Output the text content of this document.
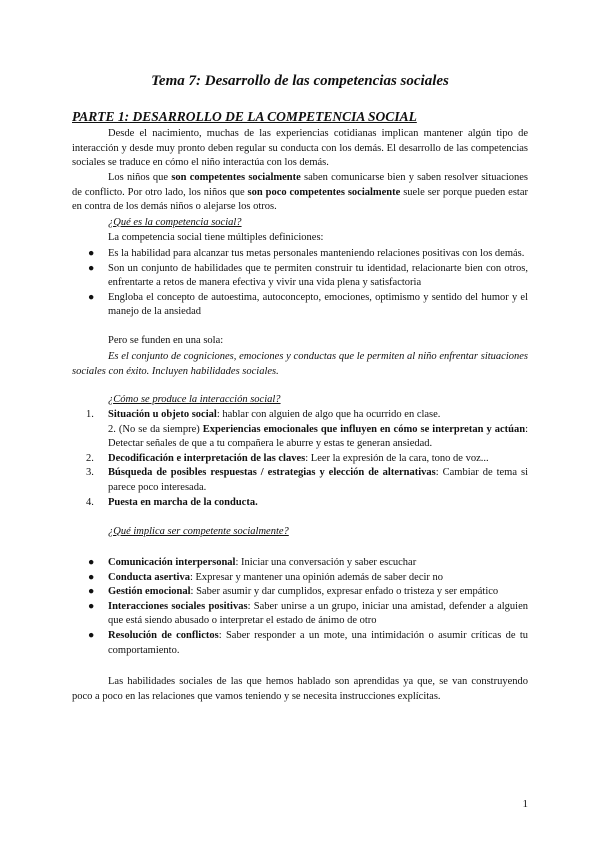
Tema 7: Desarrollo de las competencias sociales

PARTE 1: DESARROLLO DE LA COMPETENCIA SOCIAL

Desde el nacimiento, muchas de las experiencias cotidianas implican mantener algún tipo de interacción y desde muy pronto deben regular su conducta con los demás. El desarrollo de las competencias sociales se traduce en cómo el niño interactúa con los demás.

Los niños que son competentes socialmente saben comunicarse bien y saben resolver situaciones de conflicto. Por otro lado, los niños que son poco competentes socialmente suele ser porque pueden estar en contra de los demás niños o alejarse los otros.

¿Qué es la competencia social?

La competencia social tiene múltiples definiciones:

● Es la habilidad para alcanzar tus metas personales manteniendo relaciones positivas con los demás.
● Son un conjunto de habilidades que te permiten construir tu identidad, relacionarte bien con otros, enfrentarte a retos de manera efectiva y vivir una vida plena y satisfactoria
● Engloba el concepto de autoestima, autoconcepto, emociones, optimismo y sentido del humor y el manejo de la ansiedad

Pero se funden en una sola:

Es el conjunto de cogniciones, emociones y conductas que le permiten al niño enfrentar situaciones sociales con éxito. Incluyen habilidades sociales.

¿Cómo se produce la interacción social?

1. Situación u objeto social: hablar con alguien de algo que ha ocurrido en clase.
2. (No se da siempre) Experiencias emocionales que influyen en cómo se interpretan y actúan: Detectar señales de que a tu compañera le aburre y estas te generan ansiedad.
2. Decodificación e interpretación de las claves: Leer la expresión de la cara, tono de voz...
3. Búsqueda de posibles respuestas / estrategias y elección de alternativas: Cambiar de tema si parece poco interesada.
4. Puesta en marcha de la conducta.

¿Qué implica ser competente socialmente?

● Comunicación interpersonal: Iniciar una conversación y saber escuchar
● Conducta asertiva: Expresar y mantener una opinión además de saber decir no
● Gestión emocional: Saber asumir y dar cumplidos, expresar enfado o tristeza y ser empático
● Interacciones sociales positivas: Saber unirse a un grupo, iniciar una amistad, defender a alguien que está siendo abusado o interpretar el estado de ánimo de otro
● Resolución de conflictos: Saber responder a un mote, una intimidación o asumir críticas de tu comportamiento.

Las habilidades sociales de las que hemos hablado son aprendidas ya que, se van construyendo poco a poco en las relaciones que vamos teniendo y se necesita instrucciones explícitas.

1
